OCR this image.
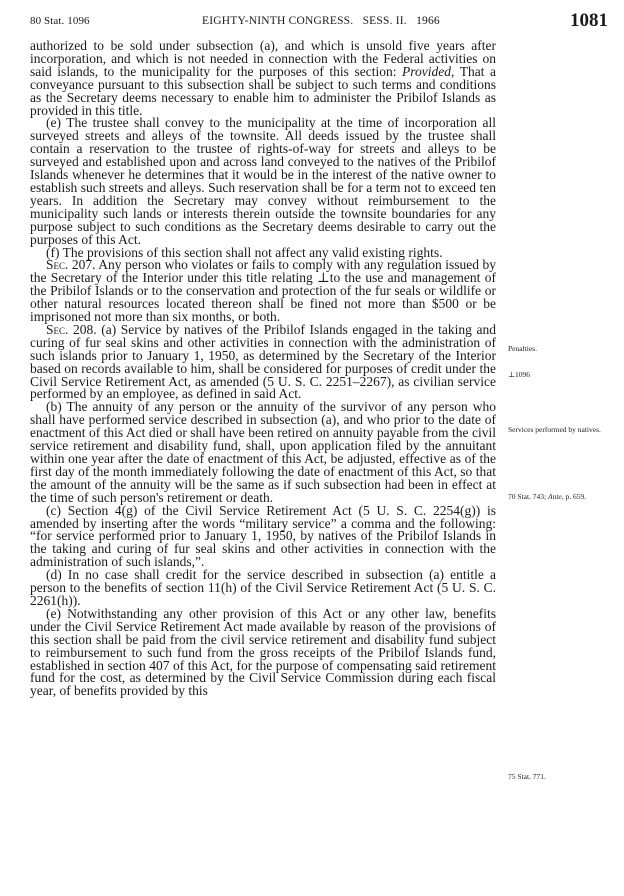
80 Stat. 1096	EIGHTY-NINTH CONGRESS.   SESS. II.   1966	1081

authorized to be sold under subsection (a), and which is unsold five years after incorporation, and which is not needed in connection with the Federal activities on said islands, to the municipality for the purposes of this section: Provided, That a conveyance pursuant to this subsection shall be subject to such terms and conditions as the Secretary deems necessary to enable him to administer the Pribilof Islands as provided in this title.

(e) The trustee shall convey to the municipality at the time of incorporation all surveyed streets and alleys of the townsite. All deeds issued by the trustee shall contain a reservation to the trustee of rights-of-way for streets and alleys to be surveyed and established upon and across land conveyed to the natives of the Pribilof Islands whenever he determines that it would be in the interest of the native owner to establish such streets and alleys. Such reservation shall be for a term not to exceed ten years. In addition the Secretary may convey without reimbursement to the municipality such lands or interests therein outside the townsite boundaries for any purpose subject to such conditions as the Secretary deems desirable to carry out the purposes of this Act.

(f) The provisions of this section shall not affect any valid existing rights.

Sec. 207. Any person who violates or fails to comply with any regulation issued by the Secretary of the Interior under this title relating ⊥to the use and management of the Pribilof Islands or to the conservation and protection of the fur seals or wildlife or other natural resources located thereon shall be fined not more than $500 or be imprisoned not more than six months, or both.

Sec. 208. (a) Service by natives of the Pribilof Islands engaged in the taking and curing of fur seal skins and other activities in connection with the administration of such islands prior to January 1, 1950, as determined by the Secretary of the Interior based on records available to him, shall be considered for purposes of credit under the Civil Service Retirement Act, as amended (5 U. S. C. 2251–2267), as civilian service performed by an employee, as defined in said Act.

(b) The annuity of any person or the annuity of the survivor of any person who shall have performed service described in subsection (a), and who prior to the date of enactment of this Act died or shall have been retired on annuity payable from the civil service retirement and disability fund, shall, upon application filed by the annuitant within one year after the date of enactment of this Act, be adjusted, effective as of the first day of the month immediately following the date of enactment of this Act, so that the amount of the annuity will be the same as if such subsection had been in effect at the time of such person's retirement or death.

(c) Section 4(g) of the Civil Service Retirement Act (5 U. S. C. 2254(g)) is amended by inserting after the words “military service” a comma and the following: “for service performed prior to January 1, 1950, by natives of the Pribilof Islands in the taking and curing of fur seal skins and other activities in connection with the administration of such islands,”.

(d) In no case shall credit for the service described in subsection (a) entitle a person to the benefits of section 11(h) of the Civil Service Retirement Act (5 U. S. C. 2261(h)).

(e) Notwithstanding any other provision of this Act or any other law, benefits under the Civil Service Retirement Act made available by reason of the provisions of this section shall be paid from the civil service retirement and disability fund subject to reimbursement to such fund from the gross receipts of the Pribilof Islands fund, established in section 407 of this Act, for the purpose of compensating said retirement fund for the cost, as determined by the Civil Service Commission during each fiscal year, of benefits provided by this

Penalties.
⊥1096
Services performed by natives.
70 Stat. 743; Ante, p. 659.
75 Stat. 771.
